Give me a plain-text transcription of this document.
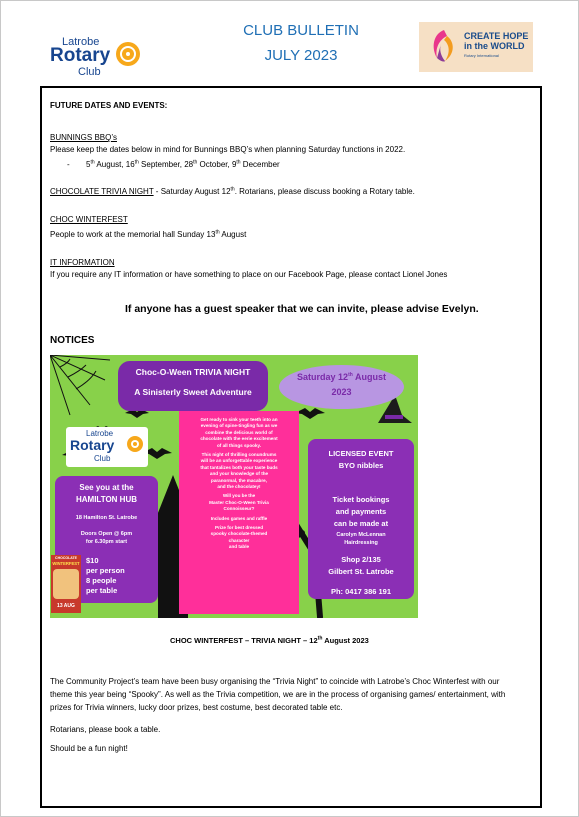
Latrobe
Rotary
Club
CLUB BULLETIN
JULY 2023
CREATE HOPE
in the WORLD
Rotary International
FUTURE DATES AND EVENTS:
BUNNINGS BBQ’s
Please keep the dates below in mind for Bunnings BBQ’s when planning Saturday functions in 2022.
- 5th August, 16th September, 28th October, 9th December
CHOCOLATE TRIVIA NIGHT - Saturday August 12th. Rotarians, please discuss booking a Rotary table.
CHOC WINTERFEST
People to work at the memorial hall Sunday 13th August
IT INFORMATION
If you require any IT information or have something to place on our Facebook Page, please contact Lionel Jones
If anyone has a guest speaker that we can invite, please advise Evelyn.
NOTICES
Choc-O-Ween TRIVIA NIGHT
A Sinisterly Sweet Adventure
Saturday 12th August
2023
Latrobe
Rotary
Club
See you at the
HAMILTON HUB
18 Hamilton St. Latrobe
Doors Open @ 6pm
for 6.30pm start
$10
per person
8 people
per table
CHOCOLATE
WINTERFEST
13 AUG
LICENSED EVENT
BYO nibbles
Ticket bookings
and payments
can be made at
Carolyn McLennan
Hairdressing
Shop 2/135
Gilbert St. Latrobe
Ph: 0417 386 191
Get ready to sink your teeth into an
evening of spine-tingling fun as we
combine the delicious world of
chocolate with the eerie excitement
of all things spooky.
This night of thrilling conundrums
will be an unforgettable experience
that tantalizes both your taste buds
and your knowledge of the
paranormal, the macabre,
and the chocolatey!
Will you be the
Master Choc-O-Ween Trivia
Connoisseur?
Includes games and raffle
Prize for best dressed
spooky chocolate-themed
character
and table
CHOC WINTERFEST – TRIVIA NIGHT – 12th August 2023
The Community Project’s team have been busy organising the “Trivia Night” to coincide with Latrobe’s Choc Winterfest with our theme this year being “Spooky”. As well as the Trivia competition, we are in the process of organising games/ entertainment, with prizes for Trivia winners, lucky door prizes, best costume, best decorated table etc.
Rotarians, please book a table.
Should be a fun night!
